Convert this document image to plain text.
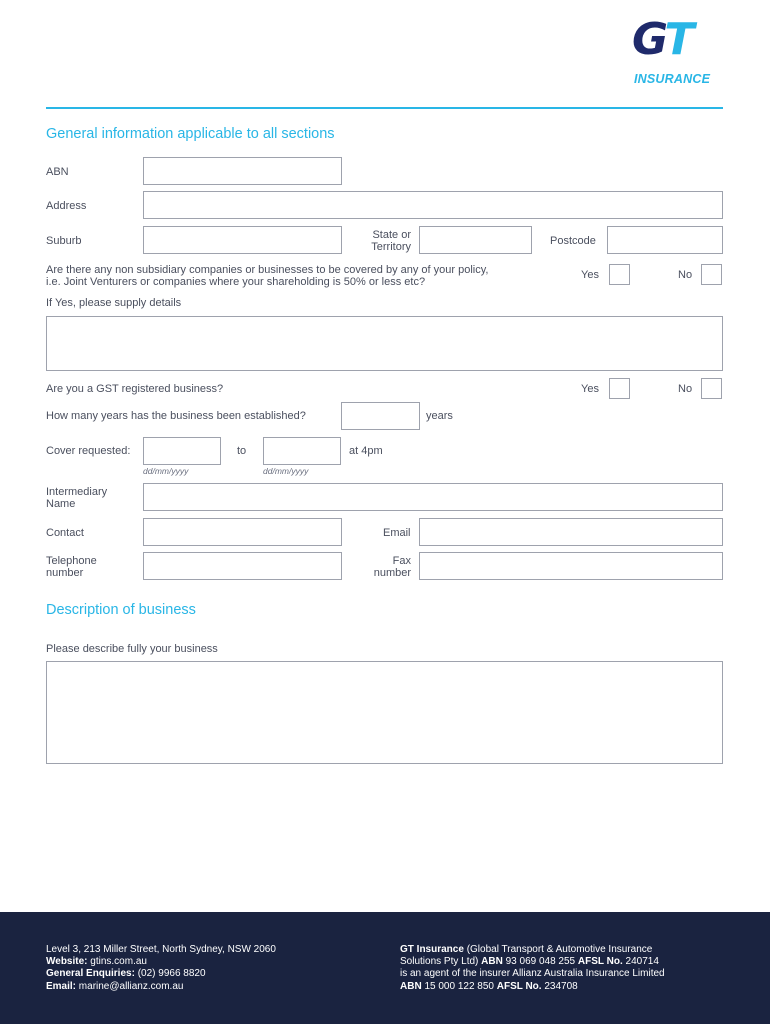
GT
INSURANCE
General information applicable to all sections
ABN
Address
Suburb	State or
Territory	Postcode
Are there any non subsidiary companies or businesses to be covered by any of your policy,
i.e. Joint Venturers or companies where your shareholding is 50% or less etc?
Yes	No
If Yes, please supply details
Are you a GST registered business?	Yes	No
How many years has the business been established?	years
Cover requested:
dd/mm/yyyy
to
dd/mm/yyyy
at 4pm
Intermediary
Name
Contact	Email
Telephone
number
Fax
number
Description of business
Please describe fully your business
Level 3, 213 Miller Street, North Sydney, NSW 2060
Website: gtins.com.au
General Enquiries: (02) 9966 8820
Email: marine@allianz.com.au
GT Insurance (Global Transport & Automotive Insurance
Solutions Pty Ltd) ABN 93 069 048 255 AFSL No. 240714
is an agent of the insurer Allianz Australia Insurance Limited
ABN 15 000 122 850 AFSL No. 234708
